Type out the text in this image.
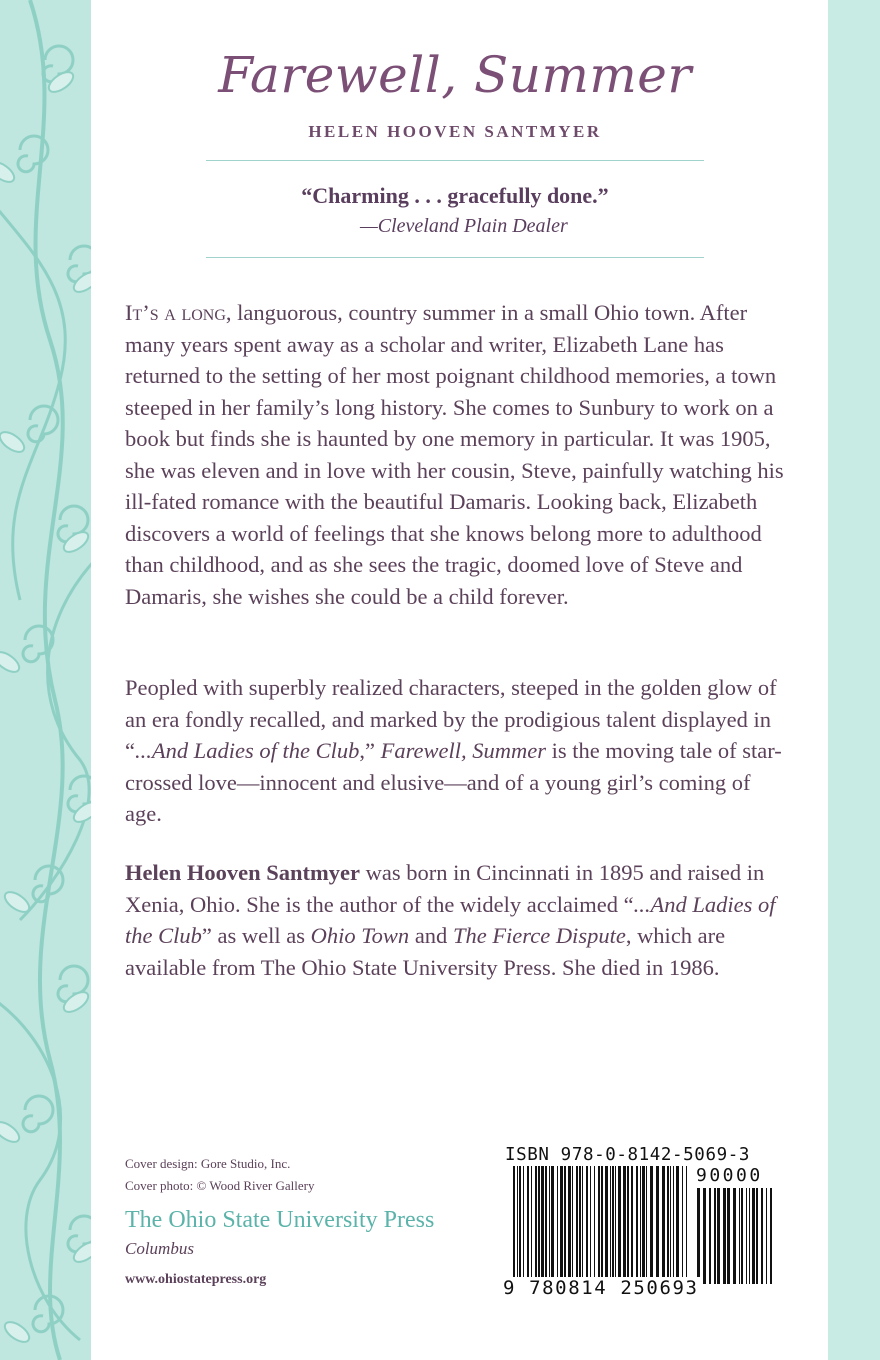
Farewell, Summer
HELEN HOOVEN SANTMYER
“Charming . . . gracefully done.”
—Cleveland Plain Dealer

It’s a long, languorous, country summer in a small Ohio town. After many years spent away as a scholar and writer, Elizabeth Lane has returned to the setting of her most poignant childhood memories, a town steeped in her family’s long history. She comes to Sunbury to work on a book but finds she is haunted by one memory in particular. It was 1905, she was eleven and in love with her cousin, Steve, painfully watching his ill-fated romance with the beautiful Damaris. Looking back, Elizabeth discovers a world of feelings that she knows belong more to adulthood than childhood, and as she sees the tragic, doomed love of Steve and Damaris, she wishes she could be a child forever.

Peopled with superbly realized characters, steeped in the golden glow of an era fondly recalled, and marked by the prodigious talent displayed in “...And Ladies of the Club,” Farewell, Summer is the moving tale of star-crossed love—innocent and elusive—and of a young girl’s coming of age.

Helen Hooven Santmyer was born in Cincinnati in 1895 and raised in Xenia, Ohio. She is the author of the widely acclaimed “...And Ladies of the Club” as well as Ohio Town and The Fierce Dispute, which are available from The Ohio State University Press. She died in 1986.

Cover design: Gore Studio, Inc.
Cover photo: © Wood River Gallery
The Ohio State University Press
Columbus
www.ohiostatepress.org
ISBN 978-0-8142-5069-3
90000
9 780814 250693
